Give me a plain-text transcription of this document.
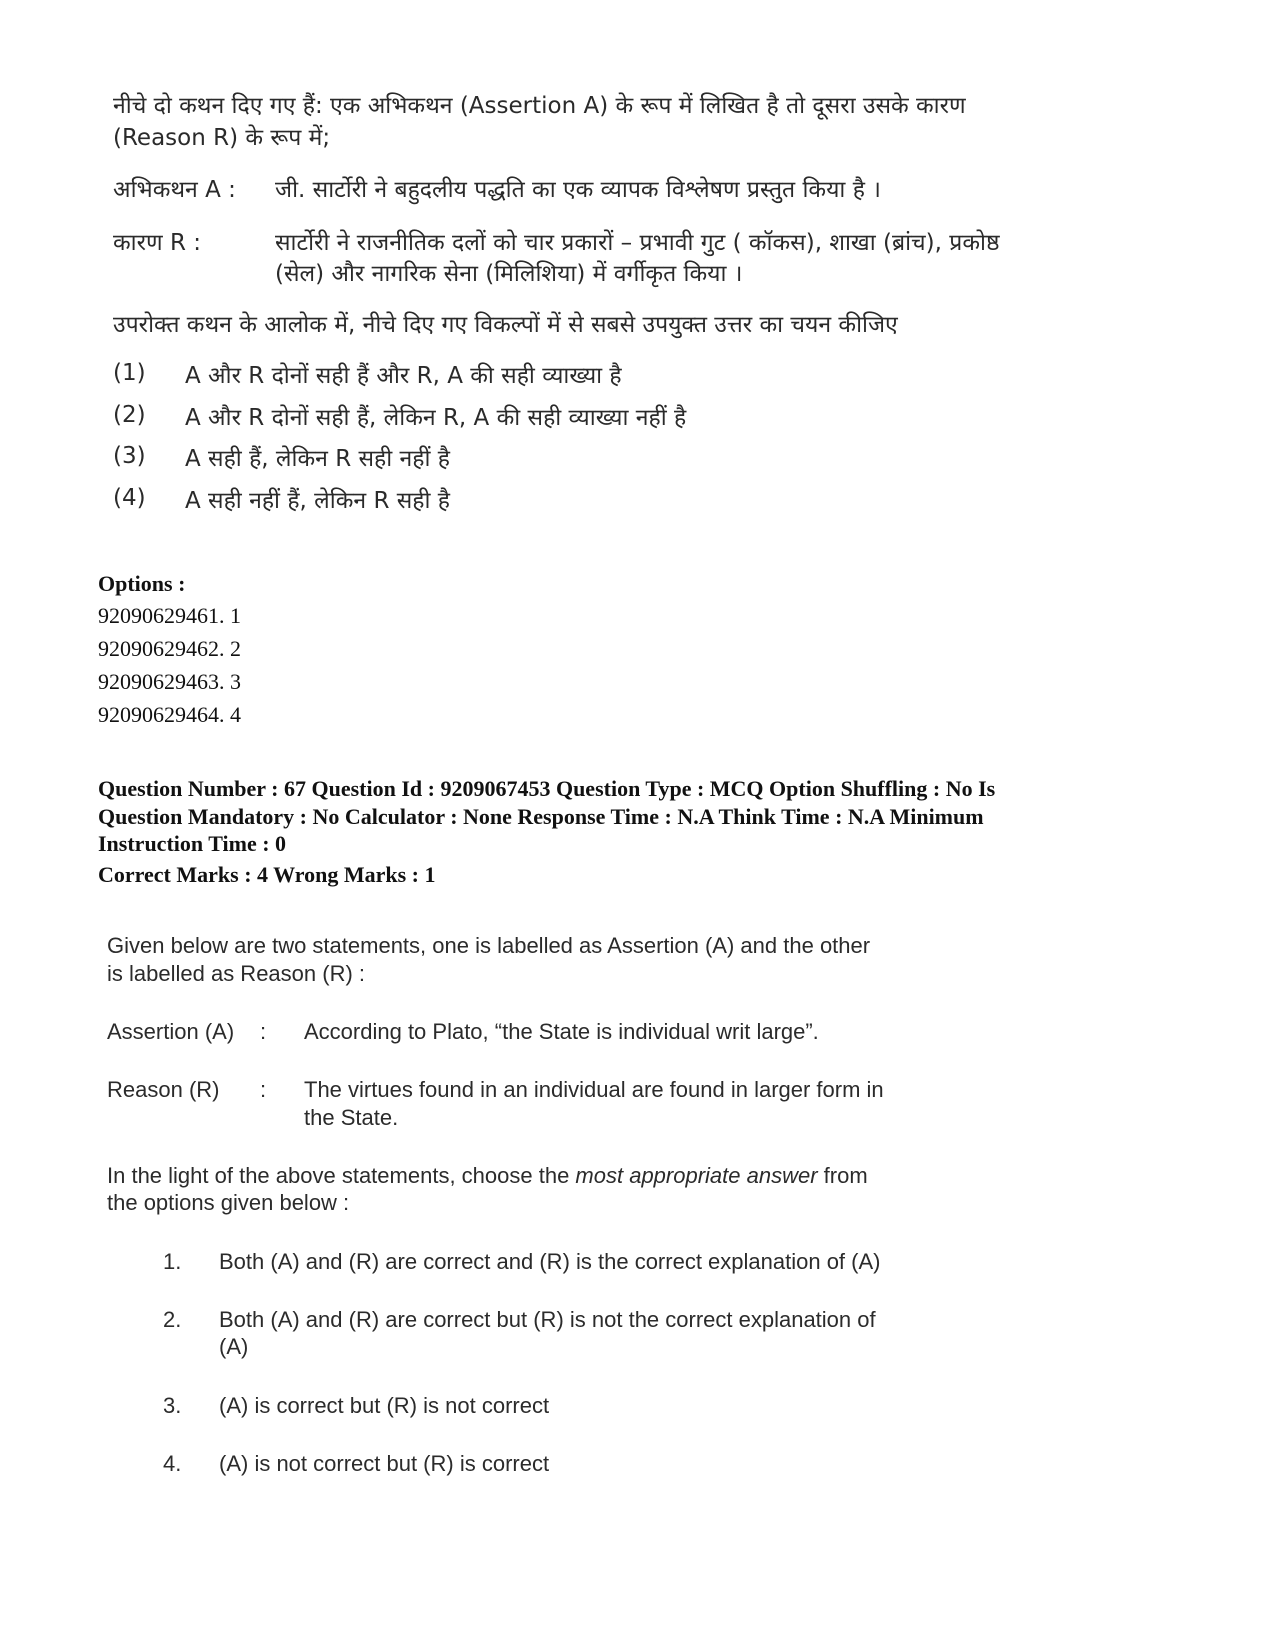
नीचे दो कथन दिए गए हैं: एक अभिकथन (Assertion A) के रूप में लिखित है तो दूसरा उसके कारण
(Reason R) के रूप में;
अभिकथन A : जी. सार्टोरी ने बहुदलीय पद्धति का एक व्यापक विश्लेषण प्रस्तुत किया है ।
कारण R :	सार्टोरी ने राजनीतिक दलों को चार प्रकारों – प्रभावी गुट ( कॉकस), शाखा (ब्रांच), प्रकोष्ठ
(सेल) और नागरिक सेना (मिलिशिया) में वर्गीकृत किया ।
उपरोक्त कथन के आलोक में, नीचे दिए गए विकल्पों में से सबसे उपयुक्त उत्तर का चयन कीजिए
(1) A और R दोनों सही हैं और R, A की सही व्याख्या है
(2) A और R दोनों सही हैं, लेकिन R, A की सही व्याख्या नहीं है
(3) A सही हैं, लेकिन R सही नहीं है
(4) A सही नहीं हैं, लेकिन R सही है
Options :
92090629461. 1
92090629462. 2
92090629463. 3
92090629464. 4
Question Number : 67 Question Id : 9209067453 Question Type : MCQ Option Shuffling : No Is
Question Mandatory : No Calculator : None Response Time : N.A Think Time : N.A Minimum
Instruction Time : 0
Correct Marks : 4 Wrong Marks : 1
Given below are two statements, one is labelled as Assertion (A) and the other
is labelled as Reason (R) :
Assertion (A) : According to Plato, “the State is individual writ large”.
Reason (R) : The virtues found in an individual are found in larger form in
the State.
In the light of the above statements, choose the most appropriate answer from
the options given below :
1. Both (A) and (R) are correct and (R) is the correct explanation of (A)
2. Both (A) and (R) are correct but (R) is not the correct explanation of
(A)
3. (A) is correct but (R) is not correct
4. (A) is not correct but (R) is correct
